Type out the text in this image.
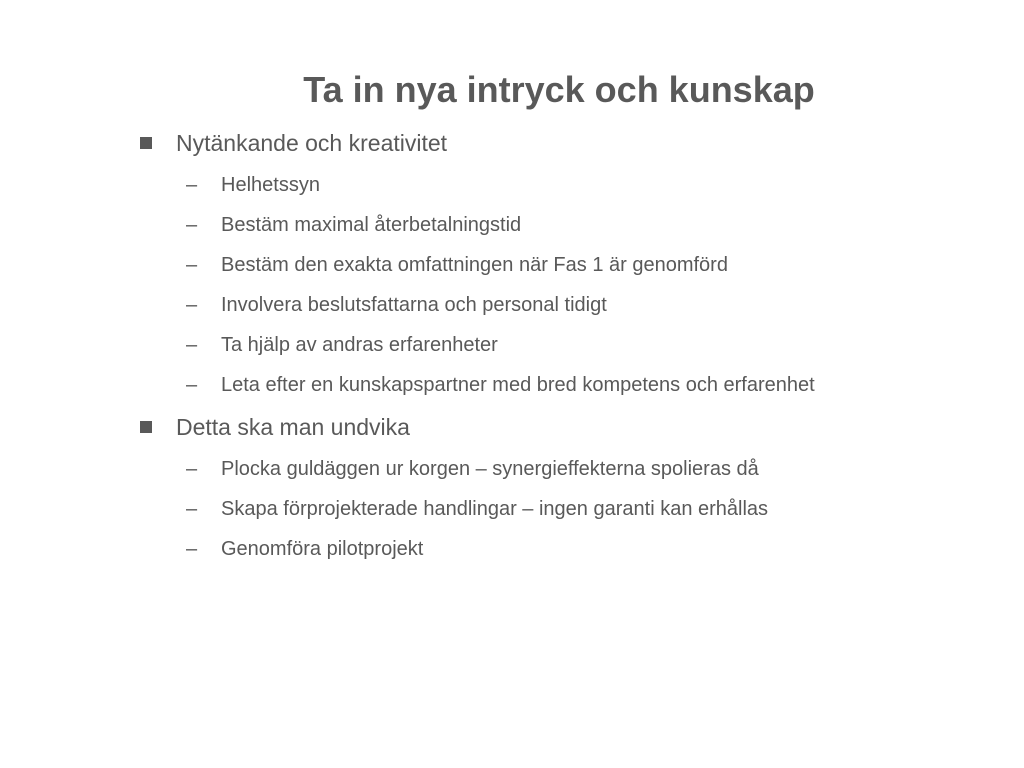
Ta in nya intryck och kunskap
Nytänkande och kreativitet
– Helhetssyn
– Bestäm maximal återbetalningstid
– Bestäm den exakta omfattningen när Fas 1 är genomförd
– Involvera beslutsfattarna och personal tidigt
– Ta hjälp av andras erfarenheter
– Leta efter en kunskapspartner med bred kompetens och erfarenhet
Detta ska man undvika
– Plocka guldäggen ur korgen – synergieffekterna spolieras då
– Skapa förprojekterade handlingar – ingen garanti kan erhållas
– Genomföra pilotprojekt
